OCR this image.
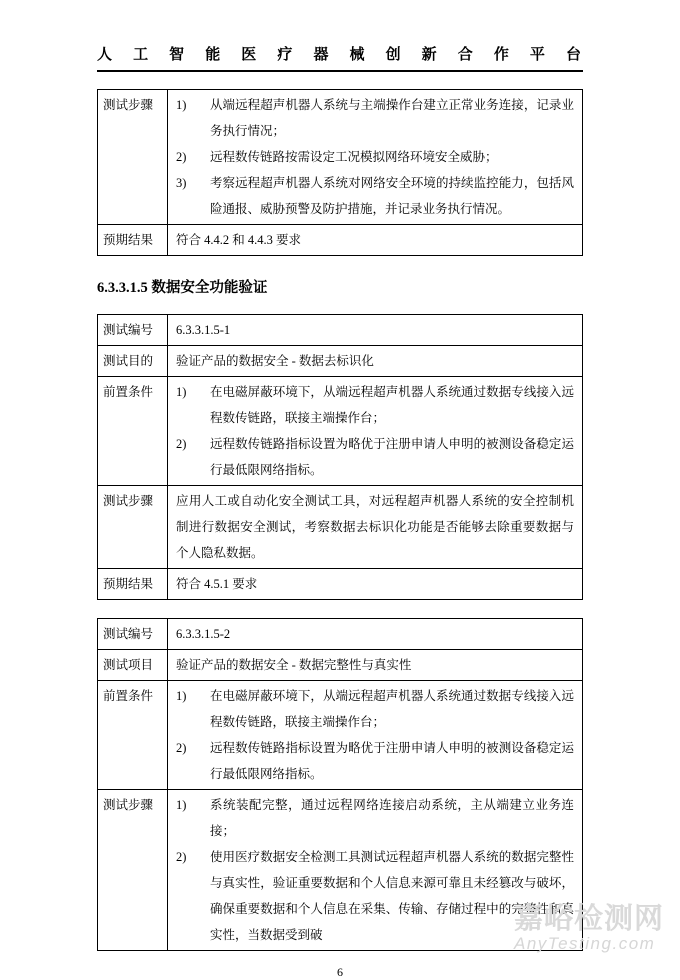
人工智能医疗器械创新合作平台
测试步骤	1)	从端远程超声机器人系统与主端操作台建立正常业务连接，记录业务执行情况；
2)	远程数传链路按需设定工况模拟网络环境安全威胁；
3)	考察远程超声机器人系统对网络安全环境的持续监控能力，包括风险通报、威胁预警及防护措施，并记录业务执行情况。

预期结果	符合 4.4.2 和 4.4.3 要求
6.3.3.1.5 数据安全功能验证
测试编号	6.3.3.1.5-1

测试目的	验证产品的数据安全 - 数据去标识化

前置条件	1) 在电磁屏蔽环境下，从端远程超声机器人系统通过数据专线接入远程数传链路，联接主端操作台；
2) 远程数传链路指标设置为略优于注册申请人申明的被测设备稳定运行最低限网络指标。

测试步骤	应用人工或自动化安全测试工具，对远程超声机器人系统的安全控制机制进行数据安全测试，考察数据去标识化功能是否能够去除重要数据与个人隐私数据。

预期结果	符合 4.5.1 要求
测试编号	6.3.3.1.5-2

测试项目	验证产品的数据安全 - 数据完整性与真实性

前置条件	1) 在电磁屏蔽环境下，从端远程超声机器人系统通过数据专线接入远程数传链路，联接主端操作台；
2) 远程数传链路指标设置为略优于注册申请人申明的被测设备稳定运行最低限网络指标。

测试步骤	1) 系统装配完整，通过远程网络连接启动系统，主从端建立业务连接；
2) 使用医疗数据安全检测工具测试远程超声机器人系统的数据完整性与真实性，验证重要数据和个人信息来源可靠且未经篡改与破坏，确保重要数据和个人信息在采集、传输、存储过程中的完整性和真实性，当数据受到破
6
嘉峪检测网
AnyTesting.com
